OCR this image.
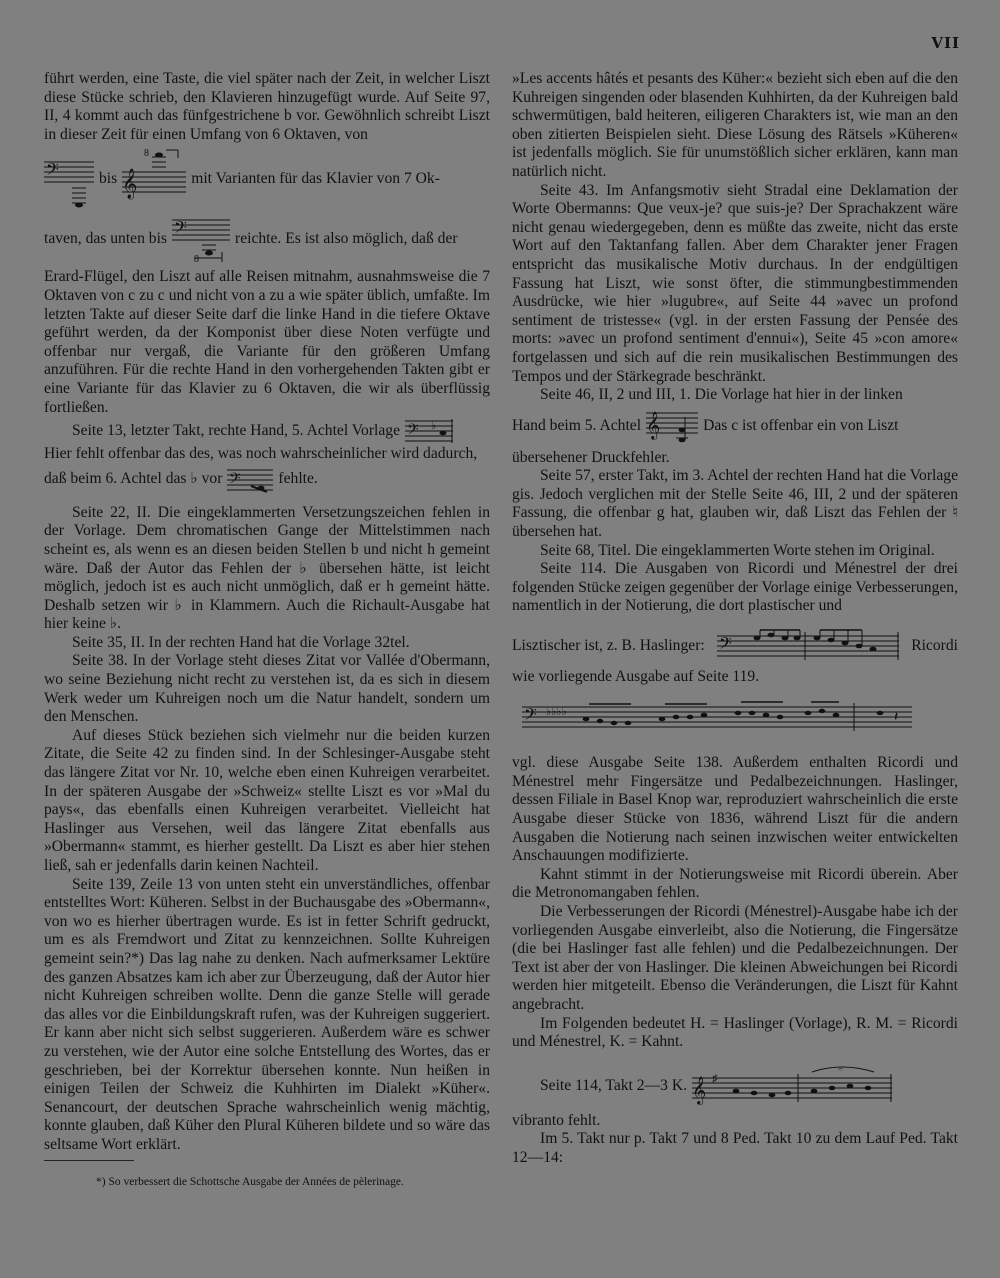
VII

führt werden, eine Taste, die viel später nach der Zeit, in welcher Liszt diese Stücke schrieb, den Klavieren hinzugefügt wurde. Auf Seite 97, II, 4 kommt auch das fünfgestrichene b vor. Gewöhnlich schreibt Liszt in dieser Zeit für einen Umfang von 6 Oktaven, von

𝄢	bis 𝄞
8
mit Varianten für das Klavier von 7 Ok-
taven, das unten bis 𝄢
8
reichte. Es ist also möglich, daß der

Erard-Flügel, den Liszt auf alle Reisen mitnahm, ausnahmsweise die 7 Oktaven von c zu c und nicht von a zu a wie später üblich, umfaßte. Im letzten Takte auf dieser Seite darf die linke Hand in die tiefere Oktave geführt werden, da der Komponist über diese Noten verfügte und offenbar nur vergaß, die Variante für den größeren Umfang anzuführen. Für die rechte Hand in den vorhergehenden Takten gibt er eine Variante für das Klavier zu 6 Oktaven, die wir als überflüssig fortließen.

Seite 13, letzter Takt, rechte Hand, 5. Achtel Vorlage 𝄢 ♭

Hier fehlt offenbar das des, was noch wahrscheinlicher wird dadurch,

daß beim 6. Achtel das ♭ vor 𝄢 fehlte.

Seite 22, II. Die eingeklammerten Versetzungszeichen fehlen in der Vorlage. Dem chromatischen Gange der Mittelstimmen nach scheint es, als wenn es an diesen beiden Stellen b und nicht h gemeint wäre. Daß der Autor das Fehlen der ♭ übersehen hätte, ist leicht möglich, jedoch ist es auch nicht unmöglich, daß er h gemeint hätte. Deshalb setzen wir ♭ in Klammern. Auch die Richault-Ausgabe hat hier keine ♭.

Seite 35, II. In der rechten Hand hat die Vorlage 32tel.

Seite 38. In der Vorlage steht dieses Zitat vor Vallée d'Obermann, wo seine Beziehung nicht recht zu verstehen ist, da es sich in diesem Werk weder um Kuhreigen noch um die Natur handelt, sondern um den Menschen.

Auf dieses Stück beziehen sich vielmehr nur die beiden kurzen Zitate, die Seite 42 zu finden sind. In der Schlesinger-Ausgabe steht das längere Zitat vor Nr. 10, welche eben einen Kuhreigen verarbeitet. In der späteren Ausgabe der »Schweiz« stellte Liszt es vor »Mal du pays«, das ebenfalls einen Kuhreigen verarbeitet. Vielleicht hat Haslinger aus Versehen, weil das längere Zitat ebenfalls aus »Obermann« stammt, es hierher gestellt. Da Liszt es aber hier stehen ließ, sah er jedenfalls darin keinen Nachteil.

Seite 139, Zeile 13 von unten steht ein unverständliches, offenbar entstelltes Wort: Küheren. Selbst in der Buchausgabe des »Obermann«, von wo es hierher übertragen wurde. Es ist in fetter Schrift gedruckt, um es als Fremdwort und Zitat zu kennzeichnen. Sollte Kuhreigen gemeint sein?*) Das lag nahe zu denken. Nach aufmerksamer Lektüre des ganzen Absatzes kam ich aber zur Überzeugung, daß der Autor hier nicht Kuhreigen schreiben wollte. Denn die ganze Stelle will gerade das alles vor die Einbildungskraft rufen, was der Kuhreigen suggeriert. Er kann aber nicht sich selbst suggerieren. Außerdem wäre es schwer zu verstehen, wie der Autor eine solche Entstellung des Wortes, das er geschrieben, bei der Korrektur übersehen konnte. Nun heißen in einigen Teilen der Schweiz die Kuhhirten im Dialekt »Küher«. Senancourt, der deutschen Sprache wahrscheinlich wenig mächtig, konnte glauben, daß Küher den Plural Küheren bildete und so wäre das seltsame Wort erklärt.

»Les accents hâtés et pesants des Küher:« bezieht sich eben auf die den Kuhreigen singenden oder blasenden Kuhhirten, da der Kuhreigen bald schwermütigen, bald heiteren, eiligeren Charakters ist, wie man an den oben zitierten Beispielen sieht. Diese Lösung des Rätsels »Küheren« ist jedenfalls möglich. Sie für unumstößlich sicher erklären, kann man natürlich nicht.

Seite 43. Im Anfangsmotiv sieht Stradal eine Deklamation der Worte Obermanns: Que veux-je? que suis-je? Der Sprachakzent wäre nicht genau wiedergegeben, denn es müßte das zweite, nicht das erste Wort auf den Taktanfang fallen. Aber dem Charakter jener Fragen entspricht das musikalische Motiv durchaus. In der endgültigen Fassung hat Liszt, wie sonst öfter, die stimmungbestimmenden Ausdrücke, wie hier »lugubre«, auf Seite 44 »avec un profond sentiment de tristesse« (vgl. in der ersten Fassung der Pensée des morts: »avec un profond sentiment d'ennui«), Seite 45 »con amore« fortgelassen und sich auf die rein musikalischen Bestimmungen des Tempos und der Stärkegrade beschränkt.

Seite 46, II, 2 und III, 1. Die Vorlage hat hier in der linken

Hand beim 5. Achtel 𝄞	Das c ist offenbar ein von Liszt

übersehener Druckfehler.

Seite 57, erster Takt, im 3. Achtel der rechten Hand hat die Vorlage gis. Jedoch verglichen mit der Stelle Seite 46, III, 2 und der späteren Fassung, die offenbar g hat, glauben wir, daß Liszt das Fehlen der ♮ übersehen hat.

Seite 68, Titel. Die eingeklammerten Worte stehen im Original.

Seite 114. Die Ausgaben von Ricordi und Ménestrel der drei folgenden Stücke zeigen gegenüber der Vorlage einige Verbesserungen, namentlich in der Notierung, die dort plastischer und

Lisztischer ist, z. B. Haslinger: 𝄢	Ricordi

wie vorliegende Ausgabe auf Seite 119.

𝄢 ♭♭♭♭	𝄽

vgl. diese Ausgabe Seite 138. Außerdem enthalten Ricordi und Ménestrel mehr Fingersätze und Pedalbezeichnungen. Haslinger, dessen Filiale in Basel Knop war, reproduziert wahrscheinlich die erste Ausgabe dieser Stücke von 1836, während Liszt für die andern Ausgaben die Notierung nach seinen inzwischen weiter entwickelten Anschauungen modifizierte.

Kahnt stimmt in der Notierungsweise mit Ricordi überein. Aber die Metronomangaben fehlen.

Die Verbesserungen der Ricordi (Ménestrel)-Ausgabe habe ich der vorliegenden Ausgabe einverleibt, also die Notierung, die Fingersätze (die bei Haslinger fast alle fehlen) und die Pedalbezeichnungen. Der Text ist aber der von Haslinger. Die kleinen Abweichungen bei Ricordi werden hier mitgeteilt. Ebenso die Veränderungen, die Liszt für Kahnt angebracht.

Im Folgenden bedeutet H. = Haslinger (Vorlage), R. M. = Ricordi und Ménestrel, K. = Kahnt.

Seite 114, Takt 2—3 K. 𝄞 ♯
𝄐

vibranto fehlt.

Im 5. Takt nur p. Takt 7 und 8 Ped. Takt 10 zu dem Lauf Ped. Takt 12—14:

*) So verbessert die Schottsche Ausgabe der Années de pèlerinage.
